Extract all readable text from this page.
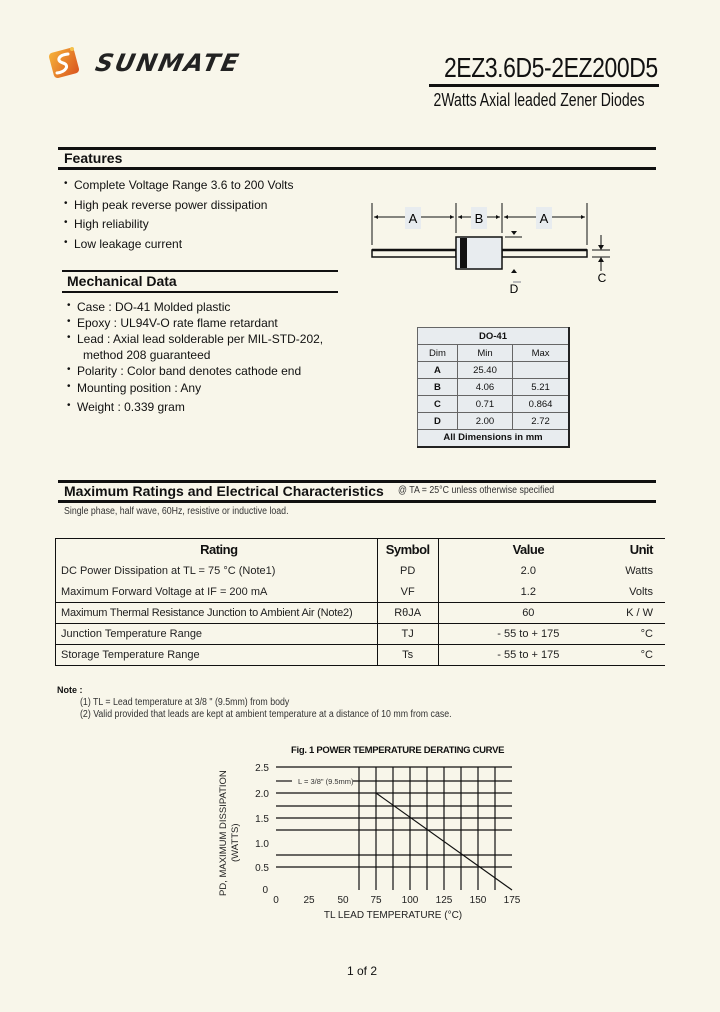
SUNMATE	2EZ3.6D5-2EZ200D5
2Watts Axial leaded Zener Diodes
Features
• Complete Voltage Range 3.6 to 200 Volts
• High peak reverse power dissipation
• High reliability
• Low leakage current
Mechanical Data
• Case : DO-41 Molded plastic
• Epoxy : UL94V-O rate flame retardant
• Lead : Axial lead solderable per MIL-STD-202,
method 208 guaranteed
• Polarity : Color band denotes cathode end
• Mounting position : Any
• Weight : 0.339 gram
A	B	A
D
C
DO-41		
Dim	Min	Max
A	25.40	
B	4.06	5.21
C	0.71	0.864
D	2.00	2.72
All Dimensions in mm		
Maximum Ratings and Electrical Characteristics @ TA = 25°C unless otherwise specified
Single phase, half wave, 60Hz, resistive or inductive load.
Rating	Symbol	Value	Unit
DC Power Dissipation at TL = 75 °C (Note1)	PD	2.0	Watts
Maximum Forward Voltage at IF = 200 mA	VF	1.2	Volts
Maximum Thermal Resistance Junction to Ambient Air (Note2)	RθJA	60	K / W
Junction Temperature Range	TJ	- 55 to + 175	°C
Storage Temperature Range	Ts	- 55 to + 175	°C
Note :
(1) TL = Lead temperature at 3/8 " (9.5mm) from body
(2) Valid provided that leads are kept at ambient temperature at a distance of 10 mm from case.
Fig. 1 POWER TEMPERATURE DERATING CURVE
L = 3/8" (9.5mm)
2.5
2.0
1.5
1.0
0.5
0
0 25 50 75 100 125 150 175
TL LEAD TEMPERATURE (°C)
PD, MAXIMUM DISSIPATION (WATTS)
1 of 2
